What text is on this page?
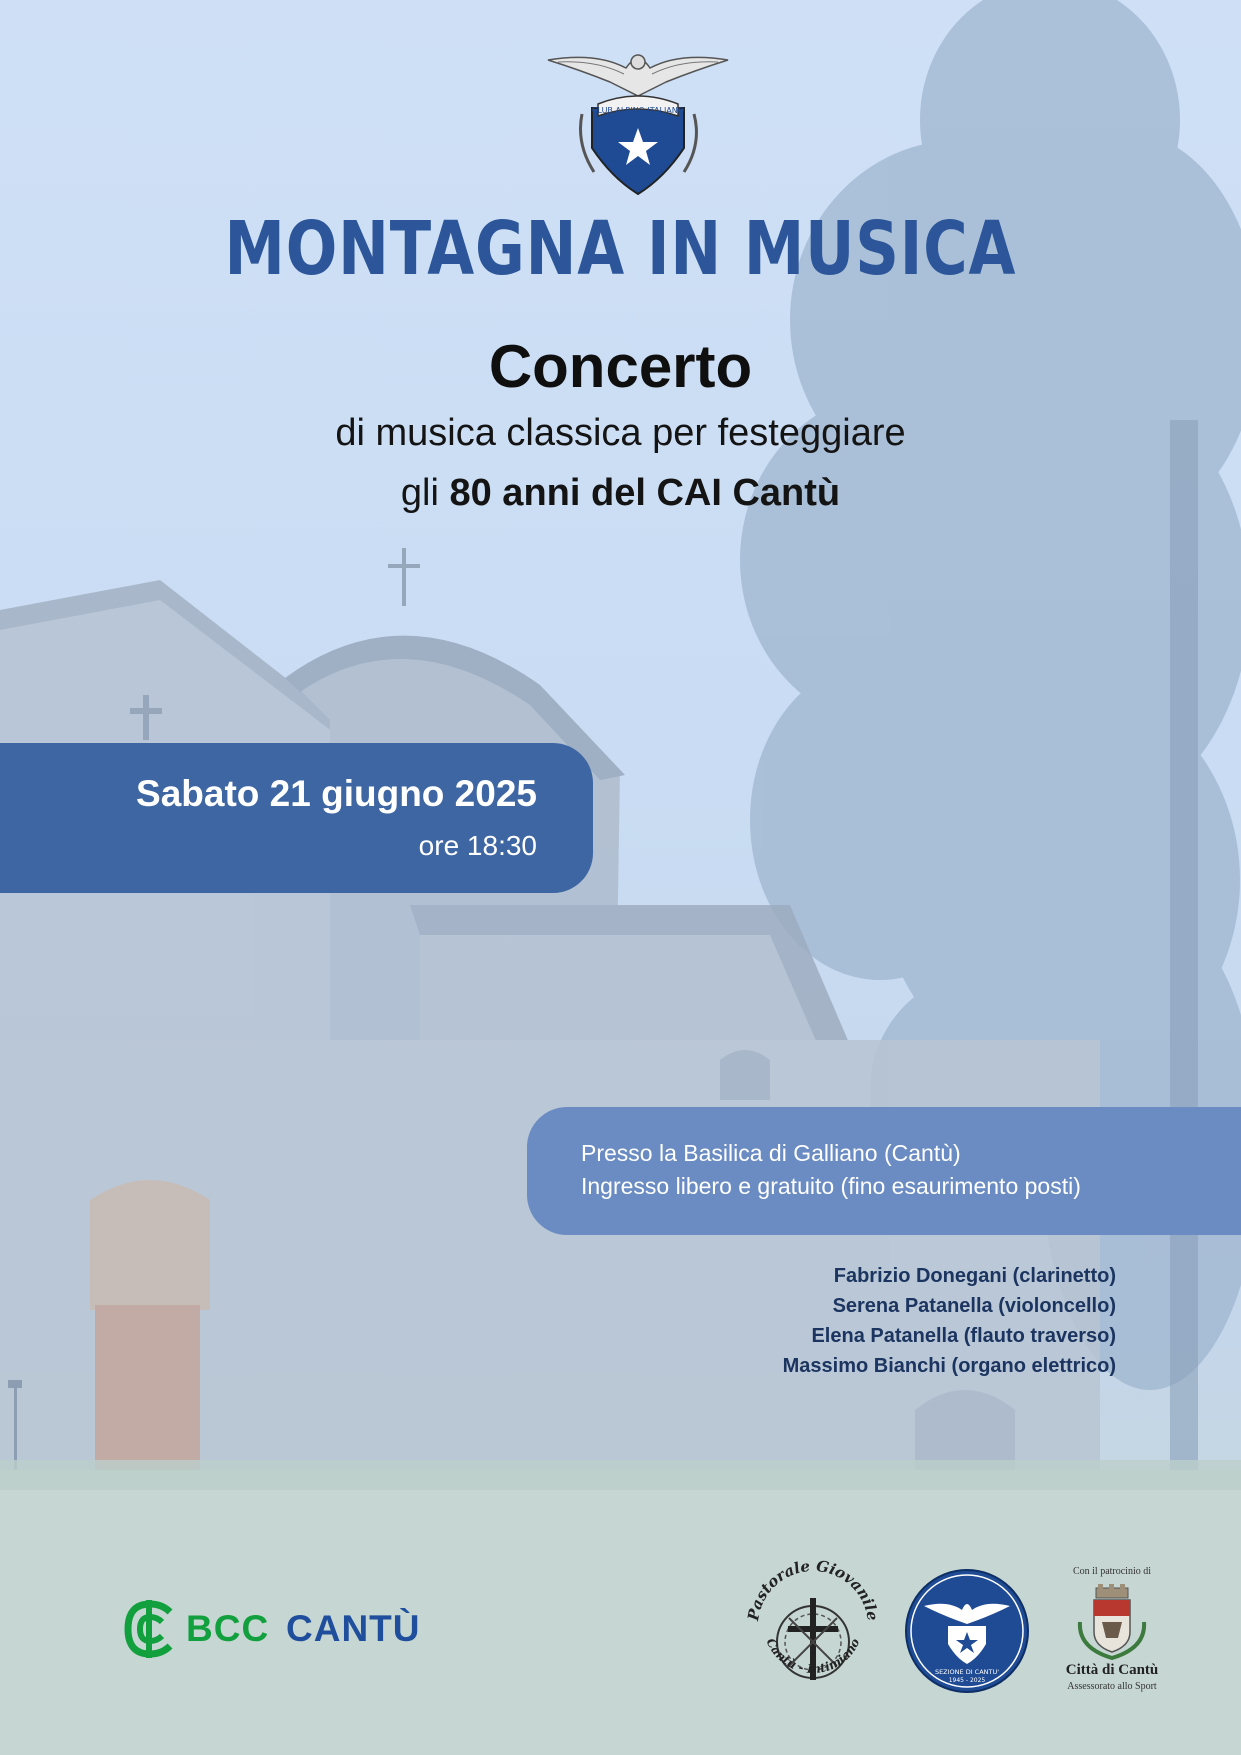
CLUB ALPINO ITALIANO
MONTAGNA IN MUSICA
Concerto
di musica classica per festeggiare
gli 80 anni del CAI Cantù
Sabato 21 giugno 2025
ore 18:30
Presso la Basilica di Galliano (Cantù)
Ingresso libero e gratuito (fino esaurimento posti)
Fabrizio Donegani (clarinetto)
Serena Patanella (violoncello)
Elena Patanella (flauto traverso)
Massimo Bianchi (organo elettrico)
BCC CANTÙ	Pastorale Giovanile
Cantù - Intimiano
SEZIONE DI CANTU'
1945 - 2025
Con il patrocinio di
Città di Cantù
Assessorato allo Sport
